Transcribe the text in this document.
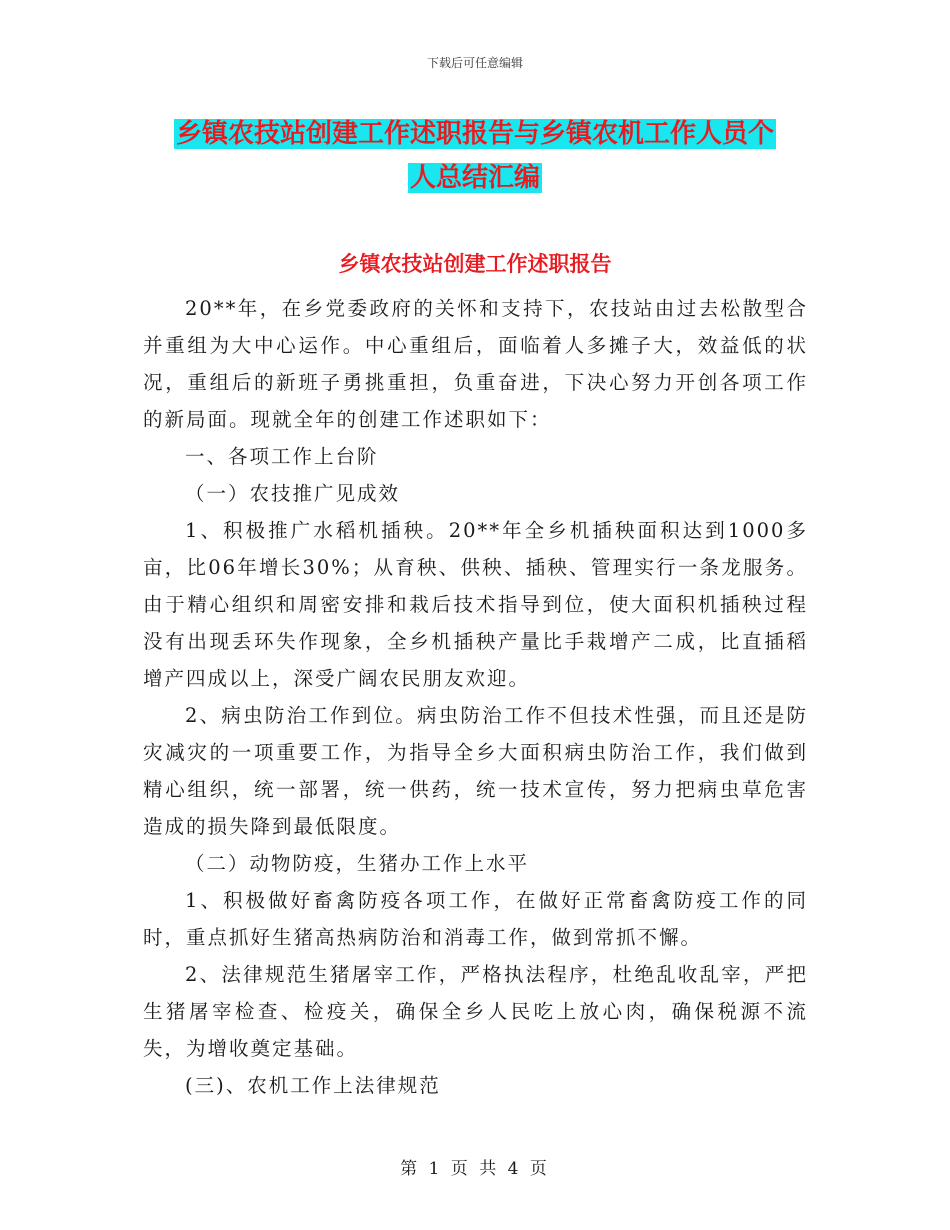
下载后可任意编辑
乡镇农技站创建工作述职报告与乡镇农机工作人员个
人总结汇编
乡镇农技站创建工作述职报告

20**年，在乡党委政府的关怀和支持下，农技站由过去松散型合并重组为大中心运作。中心重组后，面临着人多摊子大，效益低的状况，重组后的新班子勇挑重担，负重奋进，下决心努力开创各项工作的新局面。现就全年的创建工作述职如下：

一、各项工作上台阶

（一）农技推广见成效

1、积极推广水稻机插秧。20**年全乡机插秧面积达到1000多亩，比06年增长30%；从育秧、供秧、插秧、管理实行一条龙服务。由于精心组织和周密安排和栽后技术指导到位，使大面积机插秧过程没有出现丢环失作现象，全乡机插秧产量比手栽增产二成，比直插稻增产四成以上，深受广阔农民朋友欢迎。

2、病虫防治工作到位。病虫防治工作不但技术性强，而且还是防灾减灾的一项重要工作，为指导全乡大面积病虫防治工作，我们做到精心组织，统一部署，统一供药，统一技术宣传，努力把病虫草危害造成的损失降到最低限度。

（二）动物防疫，生猪办工作上水平

1、积极做好畜禽防疫各项工作，在做好正常畜禽防疫工作的同时，重点抓好生猪高热病防治和消毒工作，做到常抓不懈。

2、法律规范生猪屠宰工作，严格执法程序，杜绝乱收乱宰，严把生猪屠宰检查、检疫关，确保全乡人民吃上放心肉，确保税源不流失，为增收奠定基础。

(三)、农机工作上法律规范

第 1 页 共 4 页
